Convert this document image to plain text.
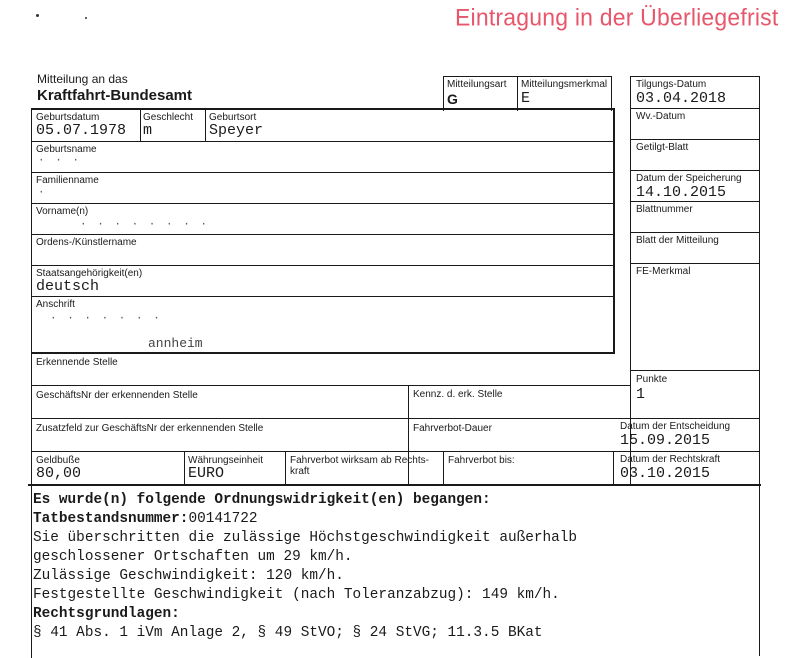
Eintragung in der Überliegefrist
Mitteilung an das
Kraftfahrt-Bundesamt
Mitteilungsart
G
Mitteilungsmerkmal
E
Geburtsdatum
05.07.1978
Geschlecht
m
Geburtsort
Speyer
Geburtsname
· · ·
Familienname
·
Vorname(n)
· · · · · · · ·
Ordens-/Künstlername
Staatsangehörigkeit(en)
deutsch
Anschrift
· · · · · · ·
annheim
Tilgungs-Datum
03.04.2018
Wv.-Datum
Getilgt-Blatt
Datum der Speicherung
14.10.2015
Blattnummer
Blatt der Mitteilung
FE-Merkmal
Punkte
1
Datum der Entscheidung
15.09.2015
Datum der Rechtskraft
03.10.2015
Erkennende Stelle
GeschäftsNr der erkennenden Stelle	Kennz. d. erk. Stelle
Zusatzfeld zur GeschäftsNr der erkennenden Stelle	Fahrverbot-Dauer
Geldbuße
80,00
Währungseinheit
EURO
Fahrverbot wirksam ab Rechts-
kraft
Fahrverbot bis:
Es wurde(n) folgende Ordnungswidrigkeit(en) begangen:
Tatbestandsnummer:00141722
Sie überschritten die zulässige Höchstgeschwindigkeit außerhalb
geschlossener Ortschaften um 29 km/h.
Zulässige Geschwindigkeit: 120 km/h.
Festgestellte Geschwindigkeit (nach Toleranzabzug): 149 km/h.
Rechtsgrundlagen:
§ 41 Abs. 1 iVm Anlage 2, § 49 StVO; § 24 StVG; 11.3.5 BKat
